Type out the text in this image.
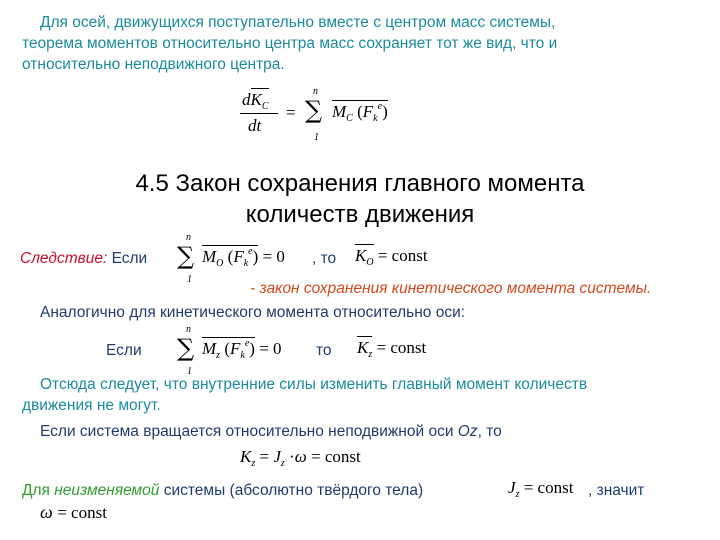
Для осей, движущихся поступательно вместе с центром масс системы,
теорема моментов относительно центра масс сохраняет тот же вид, что и
относительно неподвижного центра.
$dK_C$
dt
=
n
∑
1
$M_C$ $(F_k^e)$
4.5 Закон сохранения главного момента
количеств движения
Следствие: Если
n
∑
1
$M_O$ $(F_k^e) = 0$ , то $K_O$ = const
- закон сохранения кинетического момента системы.
Аналогично для кинетического момента относительно оси:
Если
n
∑
1
$M_z$ $(F_k^e) = 0$ то $K_z$ = const
Отсюда следует, что внутренние силы изменить главный момент количеств
движения не могут.
Если система вращается относительно неподвижной оси Oz, то
$K_z = J_z \cdot\omega$ = const
Для неизменяемой системы (абсолютно твёрдого тела)	$J_z$ = const , значит
ω = const
